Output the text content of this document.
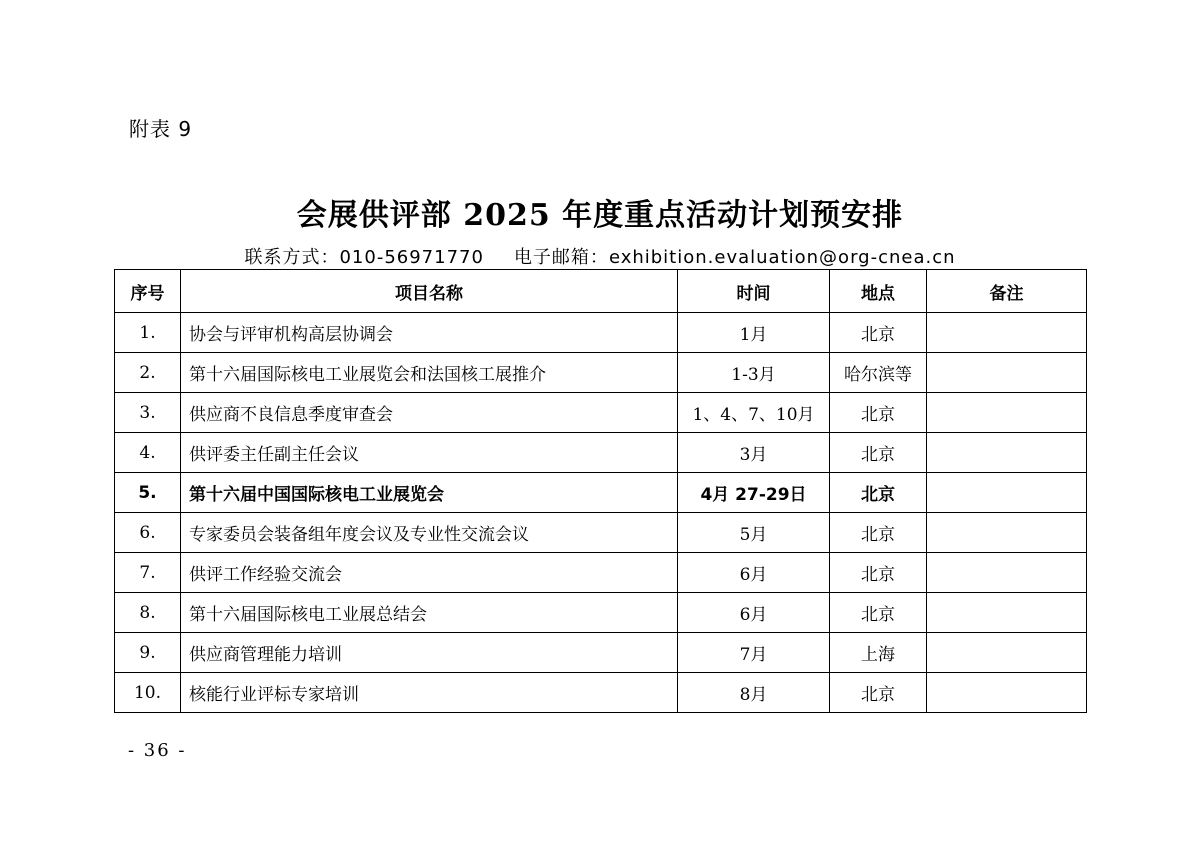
附表 9
会展供评部 2025 年度重点活动计划预安排
联系方式：010-56971770 电子邮箱：exhibition.evaluation@org-cnea.cn
序号	项目名称	时间	地点	备注
1.	协会与评审机构高层协调会	1月	北京	
2.	第十六届国际核电工业展览会和法国核工展推介	1-3月	哈尔滨等	
3.	供应商不良信息季度审查会	1、4、7、10月	北京	
4.	供评委主任副主任会议	3月	北京	
5.	第十六届中国国际核电工业展览会	4月 27-29日	北京	
6.	专家委员会装备组年度会议及专业性交流会议	5月	北京	
7.	供评工作经验交流会	6月	北京	
8.	第十六届国际核电工业展总结会	6月	北京	
9.	供应商管理能力培训	7月	上海	
10.	核能行业评标专家培训	8月	北京	
- 36 -
